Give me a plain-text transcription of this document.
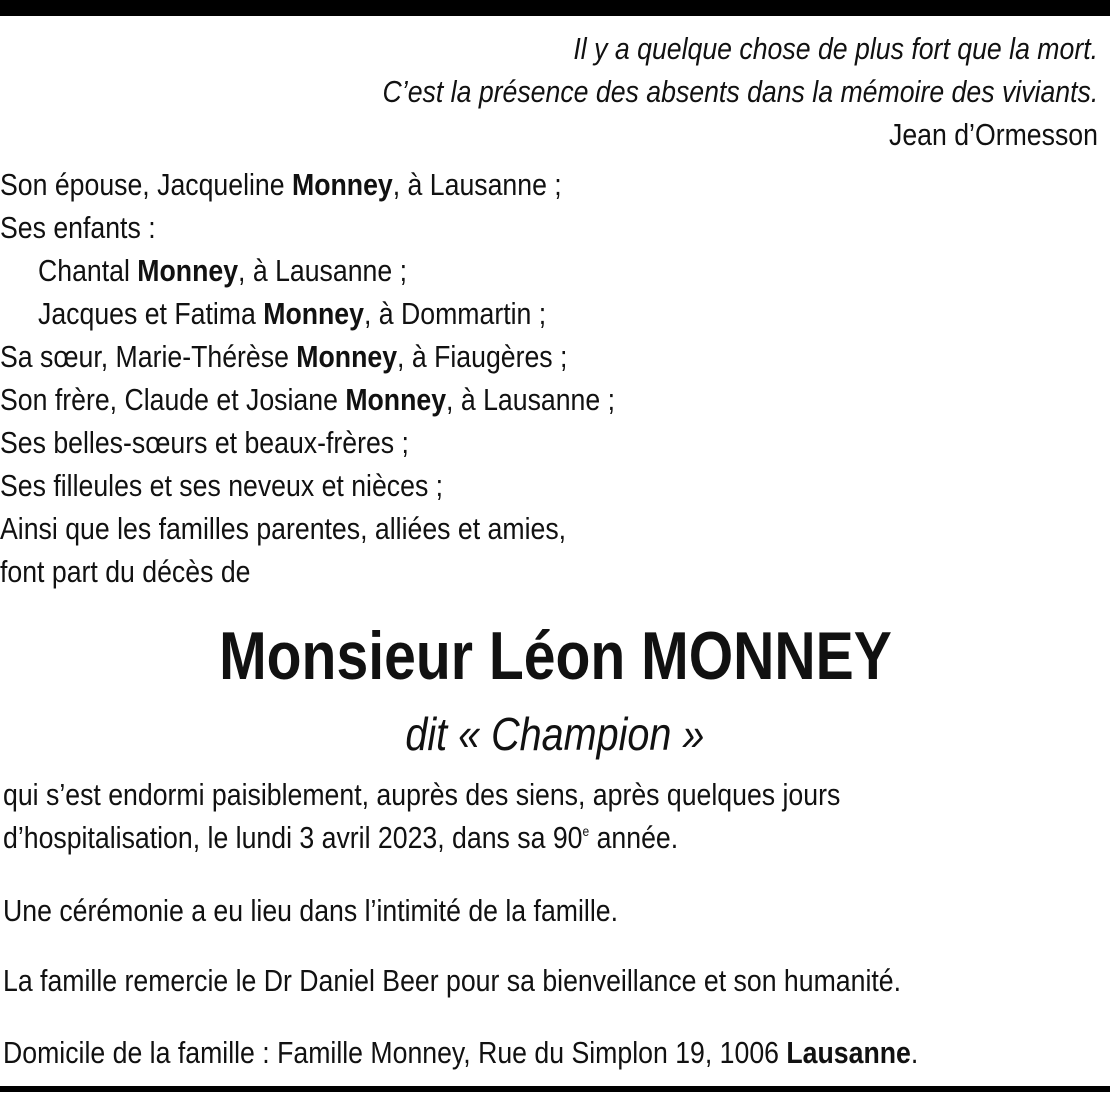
Il y a quelque chose de plus fort que la mort.
C’est la présence des absents dans la mémoire des viviants.
Jean d’Ormesson
Son épouse, Jacqueline Monney, à Lausanne ;
Ses enfants :
Chantal Monney, à Lausanne ;
Jacques et Fatima Monney, à Dommartin ;
Sa sœur, Marie-Thérèse Monney, à Fiaugères ;
Son frère, Claude et Josiane Monney, à Lausanne ;
Ses belles-sœurs et beaux-frères ;
Ses filleules et ses neveux et nièces ;
Ainsi que les familles parentes, alliées et amies,
font part du décès de
Monsieur Léon MONNEY
dit « Champion »
qui s’est endormi paisiblement, auprès des siens, après quelques jours
d’hospitalisation, le lundi 3 avril 2023, dans sa 90e année.
Une cérémonie a eu lieu dans l’intimité de la famille.
La famille remercie le Dr Daniel Beer pour sa bienveillance et son humanité.
Domicile de la famille : Famille Monney, Rue du Simplon 19, 1006 Lausanne.
